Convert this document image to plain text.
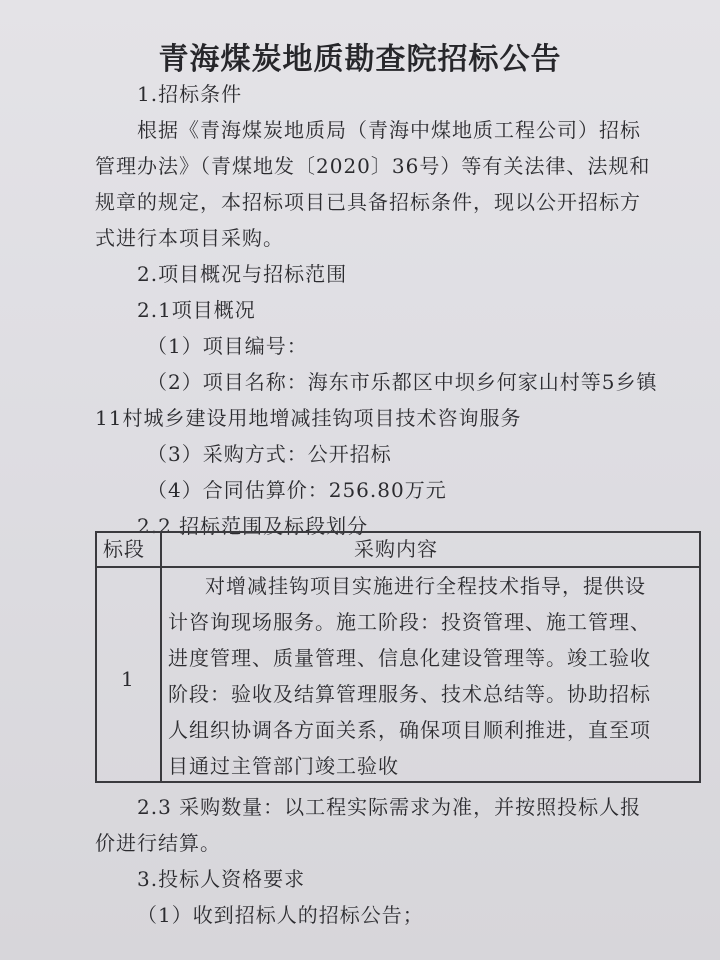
青海煤炭地质勘查院招标公告
1.招标条件
根据《青海煤炭地质局（青海中煤地质工程公司）招标
管理办法》（青煤地发〔2020〕36号）等有关法律、法规和
规章的规定，本招标项目已具备招标条件，现以公开招标方
式进行本项目采购。
2.项目概况与招标范围
2.1项目概况
（1）项目编号：
（2）项目名称：海东市乐都区中坝乡何家山村等5乡镇
11村城乡建设用地增减挂钩项目技术咨询服务
（3）采购方式：公开招标
（4）合同估算价：256.80万元
2.2 招标范围及标段划分
标段	采购内容
1
对增减挂钩项目实施进行全程技术指导，提供设
计咨询现场服务。施工阶段：投资管理、施工管理、
进度管理、质量管理、信息化建设管理等。竣工验收
阶段：验收及结算管理服务、技术总结等。协助招标
人组织协调各方面关系，确保项目顺利推进，直至项
目通过主管部门竣工验收
2.3 采购数量：以工程实际需求为准，并按照投标人报
价进行结算。
3.投标人资格要求
（1）收到招标人的招标公告；
